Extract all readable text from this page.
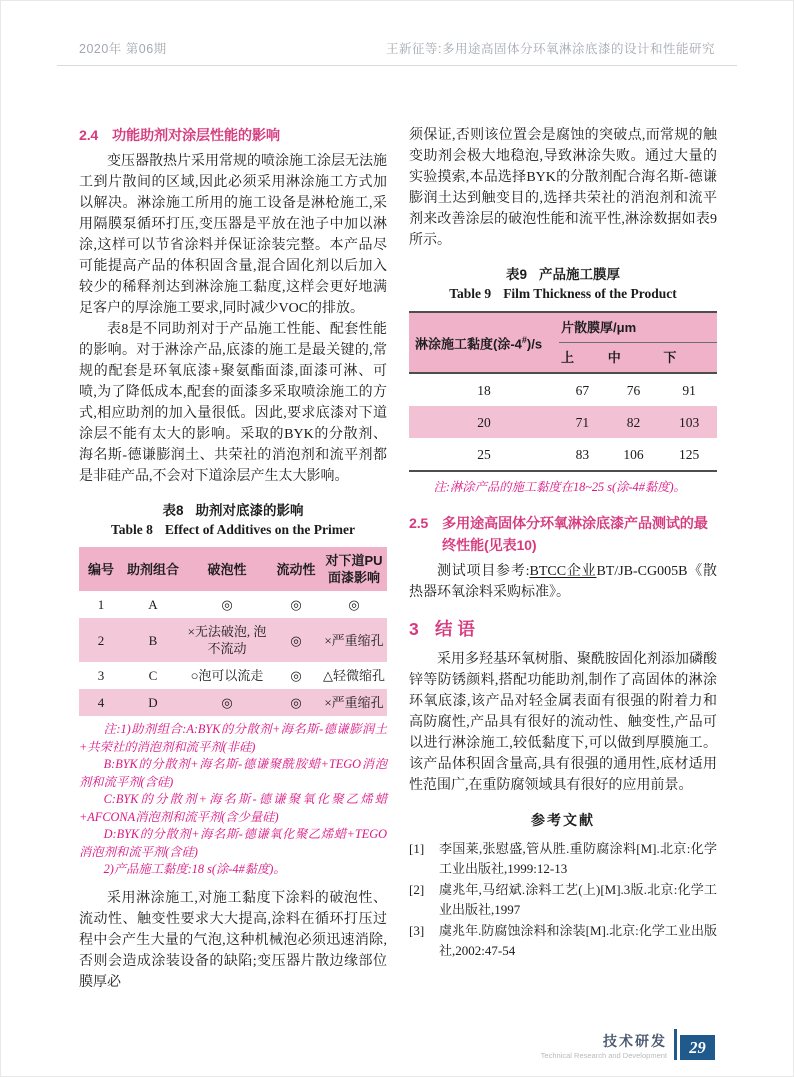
2020年 第06期	王新征等:多用途高固体分环氧淋涂底漆的设计和性能研究
2.4 功能助剂对涂层性能的影响

变压器散热片采用常规的喷涂施工涂层无法施工到片散间的区域,因此必须采用淋涂施工方式加以解决。淋涂施工所用的施工设备是淋枪施工,采用隔膜泵循环打压,变压器是平放在池子中加以淋涂,这样可以节省涂料并保证涂装完整。本产品尽可能提高产品的体积固含量,混合固化剂以后加入较少的稀释剂达到淋涂施工黏度,这样会更好地满足客户的厚涂施工要求,同时减少VOC的排放。

表8是不同助剂对于产品施工性能、配套性能的影响。对于淋涂产品,底漆的施工是最关键的,常规的配套是环氧底漆+聚氨酯面漆,面漆可淋、可喷,为了降低成本,配套的面漆多采取喷涂施工的方式,相应助剂的加入量很低。因此,要求底漆对下道涂层不能有太大的影响。采取的BYK的分散剂、海名斯-德谦膨润土、共荣社的消泡剂和流平剂都是非硅产品,不会对下道涂层产生太大影响。

表8 助剂对底漆的影响
Table 8 Effect of Additives on the Primer
编号	助剂组合	破泡性	流动性	对下道PU面漆影响
1	A	◎	◎	◎
2	B	×无法破泡, 泡不流动	◎	×严重缩孔
3	C	○泡可以流走	◎	△轻微缩孔
4	D	◎	◎	×严重缩孔

注:1)助剂组合:A:BYK的分散剂+海名斯-德谦膨润土+共荣社的消泡剂和流平剂(非硅)

B:BYK的分散剂+海名斯-德谦聚酰胺蜡+TEGO消泡剂和流平剂(含硅)

C:BYK的分散剂+海名斯-德谦聚氧化聚乙烯蜡+AFCONA消泡剂和流平剂(含少量硅)

D:BYK的分散剂+海名斯-德谦氧化聚乙烯蜡+TEGO消泡剂和流平剂(含硅)

2)产品施工黏度:18 s(涂-4#黏度)。

采用淋涂施工,对施工黏度下涂料的破泡性、流动性、触变性要求大大提高,涂料在循环打压过程中会产生大量的气泡,这种机械泡必须迅速消除,否则会造成涂装设备的缺陷;变压器片散边缘部位膜厚必

须保证,否则该位置会是腐蚀的突破点,而常规的触变助剂会极大地稳泡,导致淋涂失败。通过大量的实验摸索,本品选择BYK的分散剂配合海名斯-德谦膨润土达到触变目的,选择共荣社的消泡剂和流平剂来改善涂层的破泡性能和流平性,淋涂数据如表9所示。

表9 产品施工膜厚
Table 9 Film Thickness of the Product
淋涂施工黏度(涂-4#)/s	片散膜厚/μm		
	上	中	下
18	67	76	91
20	71	82	103
25	83	106	125

注:淋涂产品的施工黏度在18~25 s(涂-4#黏度)。

2.5 多用途高固体分环氧淋涂底漆产品测试的最终性能(见表10)

测试项目参考:BTCC企业BT/JB-CG005B《散热器环氧涂料采购标准》。

3 结 语

采用多羟基环氧树脂、聚酰胺固化剂添加磷酸锌等防锈颜料,搭配功能助剂,制作了高固体的淋涂环氧底漆,该产品对轻金属表面有很强的附着力和高防腐性,产品具有很好的流动性、触变性,产品可以进行淋涂施工,较低黏度下,可以做到厚膜施工。该产品体积固含量高,具有很强的通用性,底材适用性范围广,在重防腐领域具有很好的应用前景。

参考文献
[1]	李国莱,张慰盛,管从胜.重防腐涂料[M].北京:化学工业出版社,1999:12-13
[2]	虞兆年,马绍斌.涂料工艺(上)[M].3版.北京:化学工业出版社,1997
[3]	虞兆年.防腐蚀涂料和涂装[M].北京:化学工业出版社,2002:47-54
技术研发
Technical Research and Development	29
